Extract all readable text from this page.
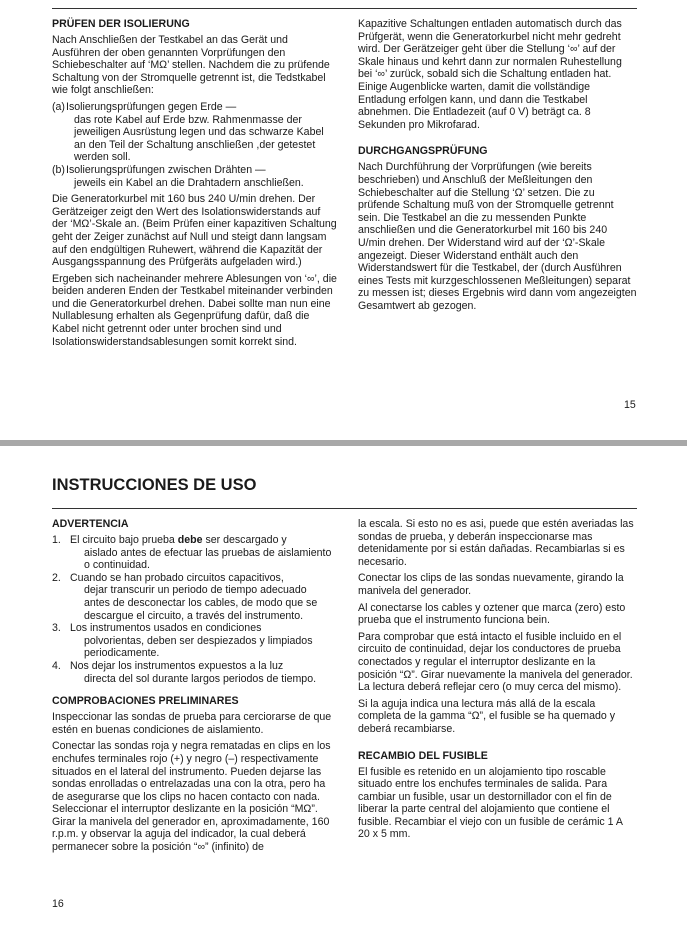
PRÜFEN DER ISOLIERUNG

Nach Anschließen der Testkabel an das Gerät und Ausführen der oben genannten Vorprüfungen den Schiebeschalter auf ‘MΩ’ stellen. Nachdem die zu prüfende Schaltung von der Stromquelle getrennt ist, die Tedstkabel wie folgt anschließen:

(a) Isolierungsprüfungen gegen Erde —
das rote Kabel auf Erde bzw. Rahmenmasse der jeweiligen Ausrüstung legen und das schwarze Kabel an den Teil der Schaltung anschließen ,der getestet werden soll.
(b) Isolierungsprüfungen zwischen Drähten —
jeweils ein Kabel an die Drahtadern anschließen.

Die Generatorkurbel mit 160 bus 240 U/min drehen. Der Gerätzeiger zeigt den Wert des Isolationswiderstands auf der ‘MΩ’-Skale an. (Beim Prüfen einer kapazitiven Schaltung geht der Zeiger zunächst auf Null und steigt dann langsam auf den endgültigen Ruhewert, während die Kapazität der Ausgangsspannung des Prüfgeräts aufgeladen wird.)

Ergeben sich nacheinander mehrere Ablesungen von ‘∞’, die beiden anderen Enden der Testkabel miteinander verbinden und die Generatorkurbel drehen. Dabei sollte man nun eine Nullablesung erhalten als Gegenprüfung dafür, daß die Kabel nicht getrennt oder unter brochen sind und Isolationswiderstandsablesungen somit korrekt sind.

Kapazitive Schaltungen entladen automatisch durch das Prüfgerät, wenn die Generatorkurbel nicht mehr gedreht wird. Der Gerätzeiger geht über die Stellung ‘∞’ auf der Skale hinaus und kehrt dann zur normalen Ruhestellung bei ‘∞’ zurück, sobald sich die Schaltung entladen hat. Einige Augenblicke warten, damit die vollständige Entladung erfolgen kann, und dann die Testkabel abnehmen. Die Entladezeit (auf 0 V) beträgt ca. 8 Sekunden pro Mikrofarad.

DURCHGANGSPRÜFUNG

Nach Durchführung der Vorprüfungen (wie bereits beschrieben) und Anschluß der Meßleitungen den Schiebeschalter auf die Stellung ‘Ω’ setzen. Die zu prüfende Schaltung muß von der Stromquelle getrennt sein. Die Testkabel an die zu messenden Punkte anschließen und die Generatorkurbel mit 160 bis 240 U/min drehen. Der Widerstand wird auf der ‘Ω’-Skale angezeigt. Dieser Widerstand enthält auch den Widerstandswert für die Testkabel, der (durch Ausführen eines Tests mit kurzgeschlossenen Meßleitungen) separat zu messen ist; dieses Ergebnis wird dann vom angezeigten Gesamtwert ab gezogen.

15
INSTRUCCIONES DE USO
ADVERTENCIA
1. El circuito bajo prueba debe ser descargado y
aislado antes de efectuar las pruebas de aislamiento o continuidad.
2. Cuando se han probado circuitos capacitivos,
dejar transcurir un periodo de tiempo adecuado antes de desconectar los cables, de modo que se descargue el circuito, a través del instrumento.
3. Los instrumentos usados en condiciones
polvorientas, deben ser despiezados y limpiados periodicamente.
4. Nos dejar los instrumentos expuestos a la luz
directa del sol durante largos periodos de tiempo.
COMPROBACIONES PRELIMINARES

Inspeccionar las sondas de prueba para cerciorarse de que estén en buenas condiciones de aislamiento.

Conectar las sondas roja y negra rematadas en clips en los enchufes terminales rojo (+) y negro (–) respectivamente situados en el lateral del instrumento. Pueden dejarse las sondas enrolladas o entrelazadas una con la otra, pero ha de asegurarse que los clips no hacen contacto con nada. Seleccionar el interruptor deslizante en la posición “MΩ”. Girar la manivela del generador en, aproximadamente, 160 r.p.m. y observar la aguja del indicador, la cual deberá permanecer sobre la posición “∞” (infinito) de

la escala. Si esto no es asi, puede que estén averiadas las sondas de prueba, y deberán inspeccionarse mas detenidamente por si están dañadas. Recambiarlas si es necesario.

Conectar los clips de las sondas nuevamente, girando la manivela del generador.

Al conectarse los cables y oztener que marca (zero) esto prueba que el instrumento funciona bein.

Para comprobar que está intacto el fusible incluido en el circuito de continuidad, dejar los conductores de prueba conectados y regular el interruptor deslizante en la posición “Ω”. Girar nuevamente la manivela del generador. La lectura deberá reflejar cero (o muy cerca del mismo).

Si la aguja indica una lectura más allá de la escala completa de la gamma “Ω”, el fusible se ha quemado y deberá recambiarse.

RECAMBIO DEL FUSIBLE

El fusible es retenido en un alojamiento tipo roscable situado entre los enchufes terminales de salida. Para cambiar un fusible, usar un destornillador con el fin de liberar la parte central del alojamiento que contiene el fusible. Recambiar el viejo con un fusible de cerámic 1 A 20 x 5 mm.

16
